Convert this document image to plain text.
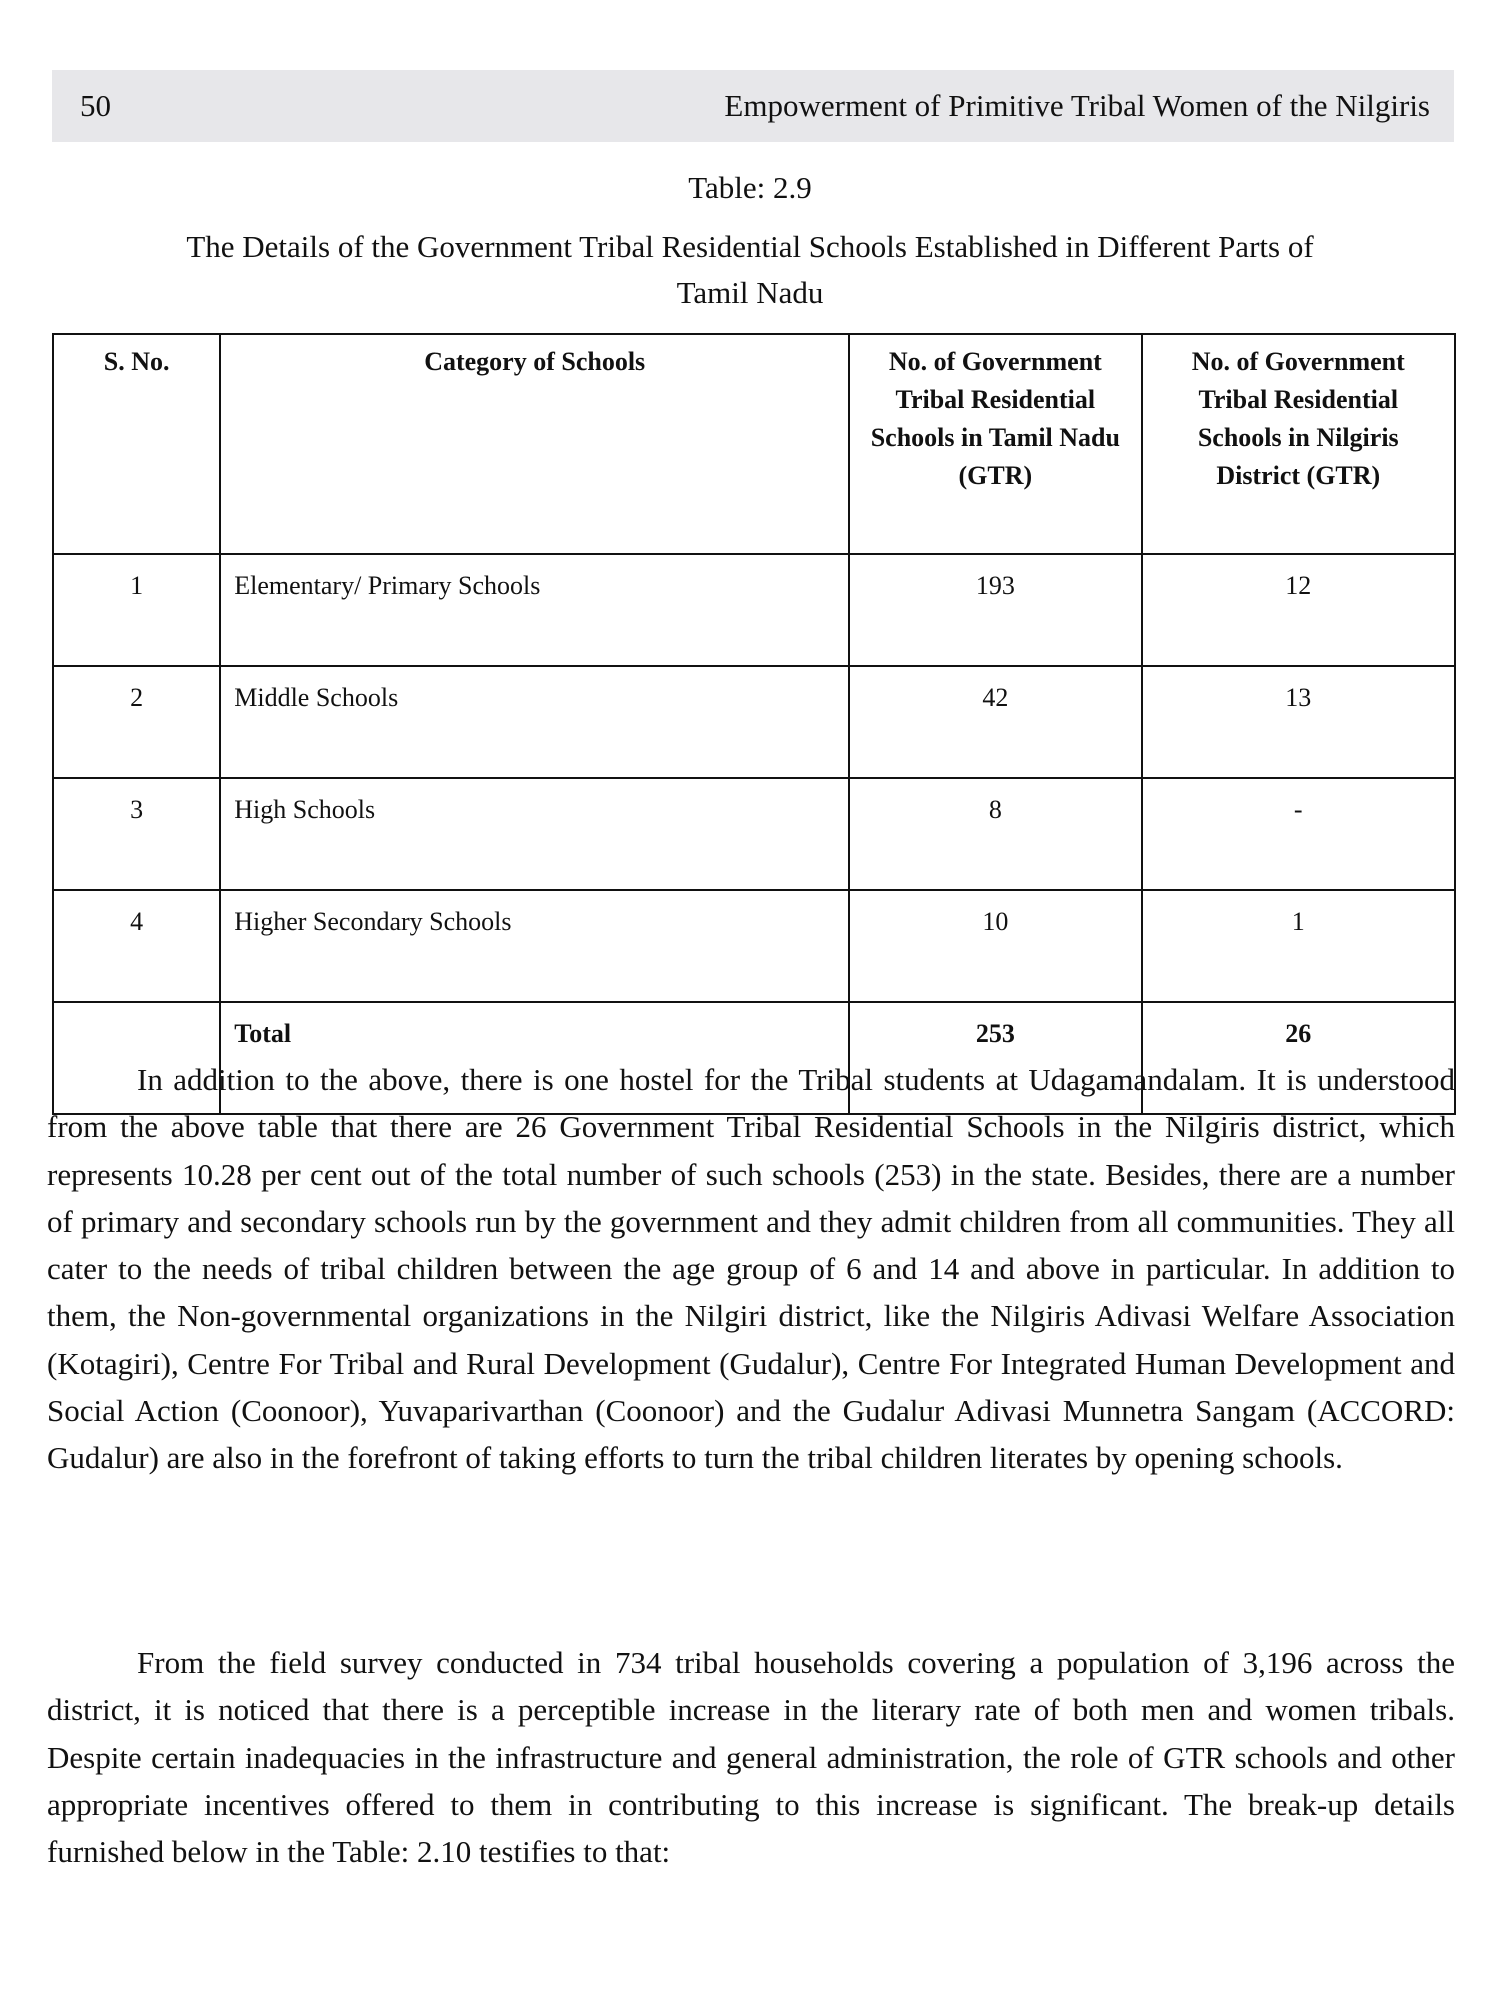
50	Empowerment of Primitive Tribal Women of the Nilgiris
Table: 2.9
The Details of the Government Tribal Residential Schools Established in Different Parts of Tamil Nadu
S. No.	Category of Schools	No. of Government Tribal Residential Schools in Tamil Nadu (GTR)	No. of Government Tribal Residential Schools in Nilgiris District (GTR)
1	Elementary/ Primary Schools	193	12
2	Middle Schools	42	13
3	High Schools	8	-
4	Higher Secondary Schools	10	1
	Total	253	26

In addition to the above, there is one hostel for the Tribal students at Udagamandalam. It is understood from the above table that there are 26 Government Tribal Residential Schools in the Nilgiris district, which represents 10.28 per cent out of the total number of such schools (253) in the state. Besides, there are a number of primary and secondary schools run by the government and they admit children from all communities. They all cater to the needs of tribal children between the age group of 6 and 14 and above in particular. In addition to them, the Non-governmental organizations in the Nilgiri district, like the Nilgiris Adivasi Welfare Association (Kotagiri), Centre For Tribal and Rural Development (Gudalur), Centre For Integrated Human Development and Social Action (Coonoor), Yuvaparivarthan (Coonoor) and the Gudalur Adivasi Munnetra Sangam (ACCORD: Gudalur) are also in the forefront of taking efforts to turn the tribal children literates by opening schools.

From the field survey conducted in 734 tribal households covering a population of 3,196 across the district, it is noticed that there is a perceptible increase in the literary rate of both men and women tribals. Despite certain inadequacies in the infrastructure and general administration, the role of GTR schools and other appropriate incentives offered to them in contributing to this increase is significant. The break-up details furnished below in the Table: 2.10 testifies to that:
